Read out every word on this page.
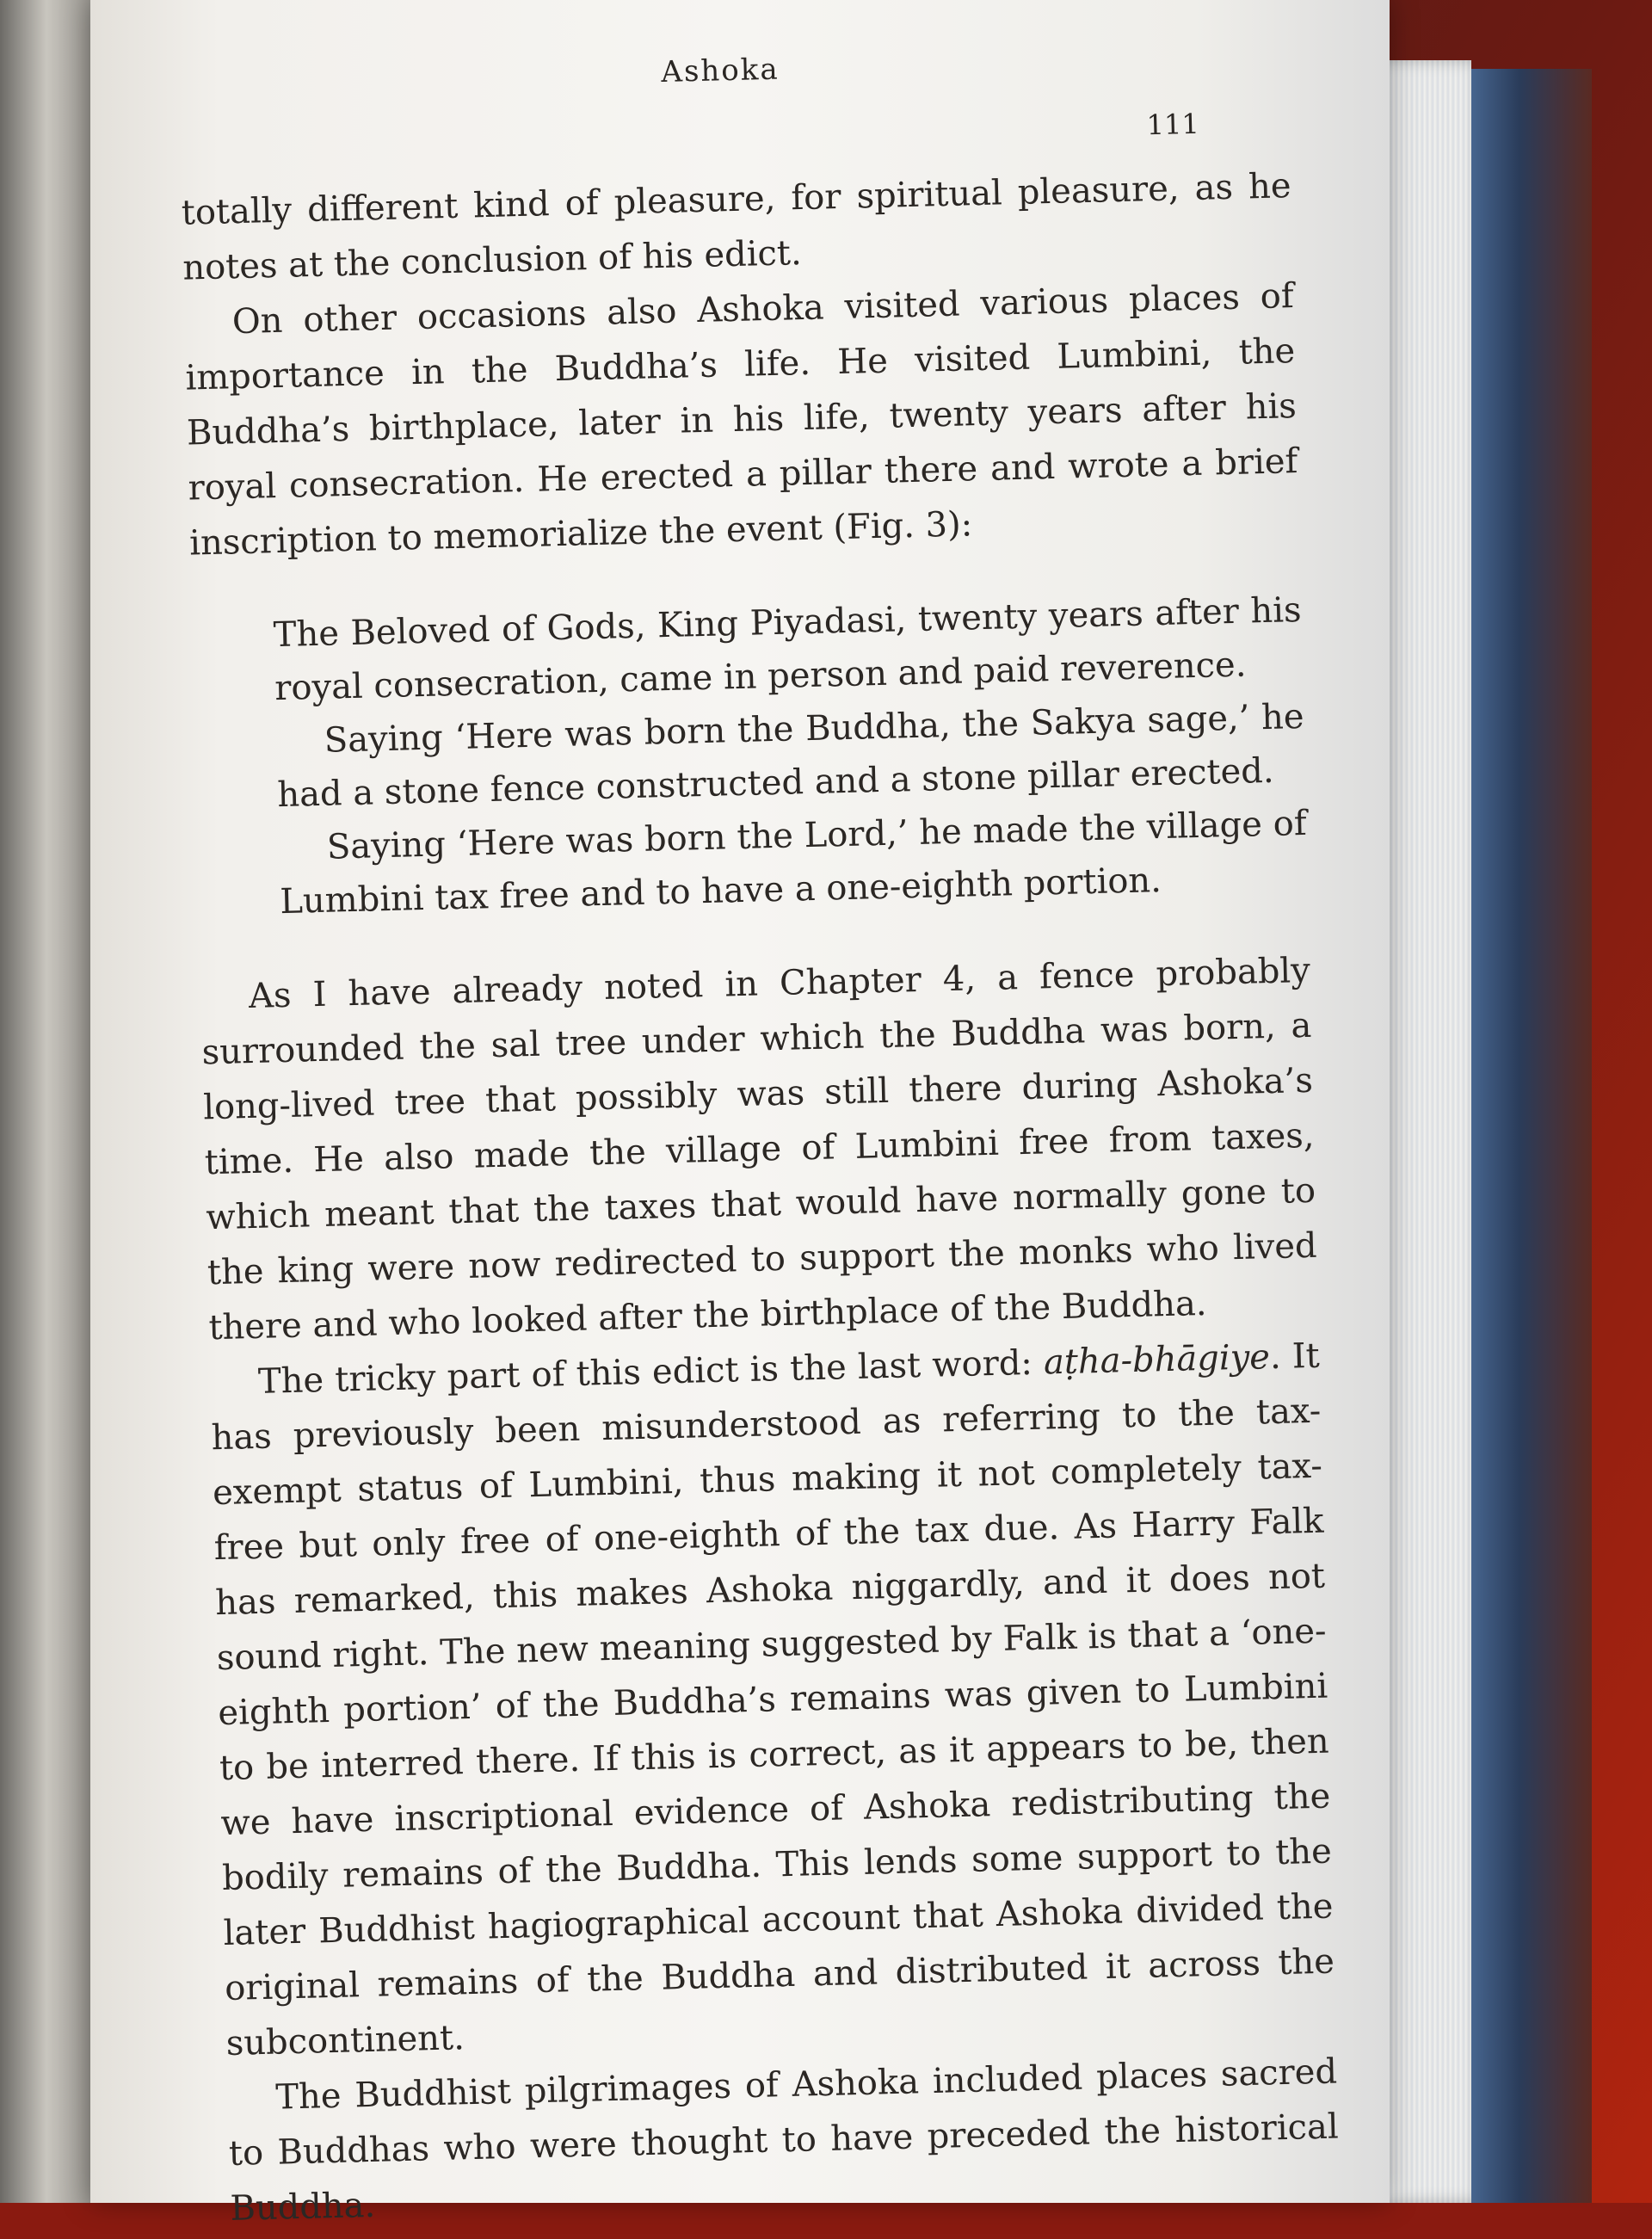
Ashoka
111

totally different kind of pleasure, for spiritual pleasure, as he notes at the conclusion of his edict.

On other occasions also Ashoka visited various places of importance in the Buddha’s life. He visited Lumbini, the Buddha’s birthplace, later in his life, twenty years after his royal consecration. He erected a pillar there and wrote a brief inscription to memorialize the event (Fig. 3):

The Beloved of Gods, King Piyadasi, twenty years after his royal consecration, came in person and paid reverence.

Saying ‘Here was born the Buddha, the Sakya sage,’ he had a stone fence constructed and a stone pillar erected.

Saying ‘Here was born the Lord,’ he made the village of Lumbini tax free and to have a one-eighth portion.

As I have already noted in Chapter 4, a fence probably surrounded the sal tree under which the Buddha was born, a long-lived tree that possibly was still there during Ashoka’s time. He also made the village of Lumbini free from taxes, which meant that the taxes that would have normally gone to the king were now redirected to support the monks who lived there and who looked after the birthplace of the Buddha.

The tricky part of this edict is the last word: aṭha-bhāgiye. It has previously been misunderstood as referring to the tax-exempt status of Lumbini, thus making it not completely tax-free but only free of one-eighth of the tax due. As Harry Falk has remarked, this makes Ashoka niggardly, and it does not sound right. The new meaning suggested by Falk is that a ‘one-eighth portion’ of the Buddha’s remains was given to Lumbini to be interred there. If this is correct, as it appears to be, then we have inscriptional evidence of Ashoka redistributing the bodily remains of the Buddha. This lends some support to the later Buddhist hagiographical account that Ashoka divided the original remains of the Buddha and distributed it across the subcontinent.

The Buddhist pilgrimages of Ashoka included places sacred to Buddhas who were thought to have preceded the historical Buddha.
